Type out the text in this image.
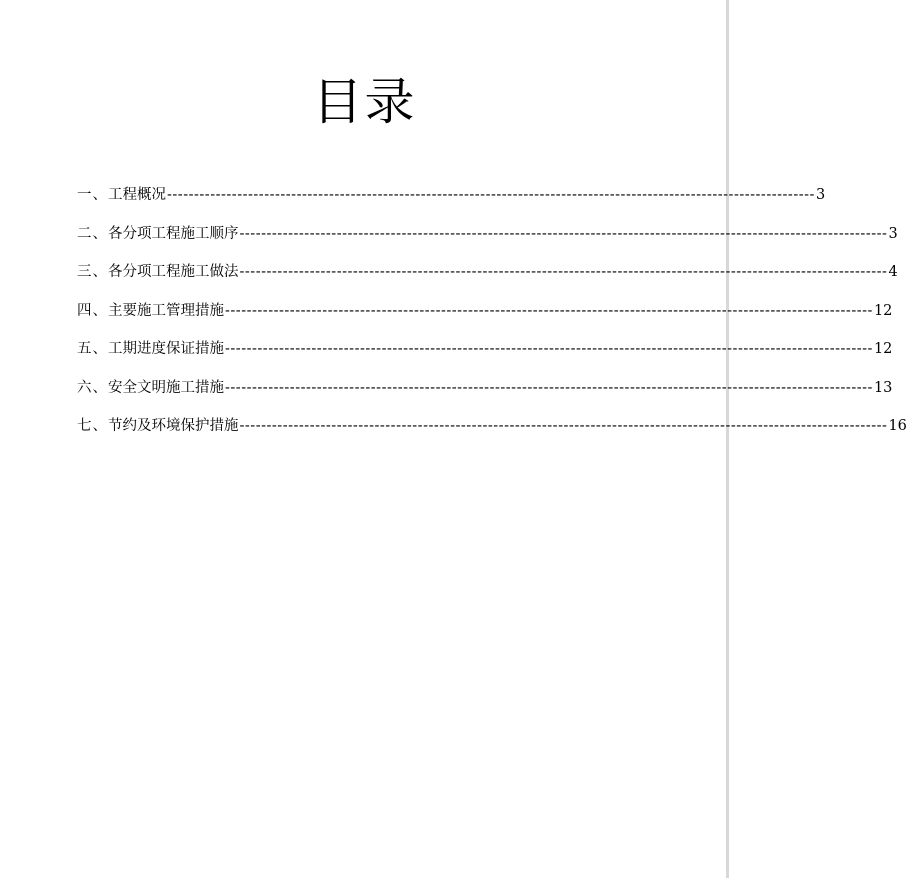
目录
一、 工程概况 ------------------------------------------------------------------------------------------------------------------------ 3
二、 各分项工程施工顺序 ------------------------------------------------------------------------------------------------------------------------ 3
三、 各分项工程施工做法 ------------------------------------------------------------------------------------------------------------------------ 4
四、 主要施工管理措施 ------------------------------------------------------------------------------------------------------------------------ 12
五、 工期进度保证措施 ------------------------------------------------------------------------------------------------------------------------ 12
六、 安全文明施工措施 ------------------------------------------------------------------------------------------------------------------------ 13
七、 节约及环境保护措施 ------------------------------------------------------------------------------------------------------------------------ 16
